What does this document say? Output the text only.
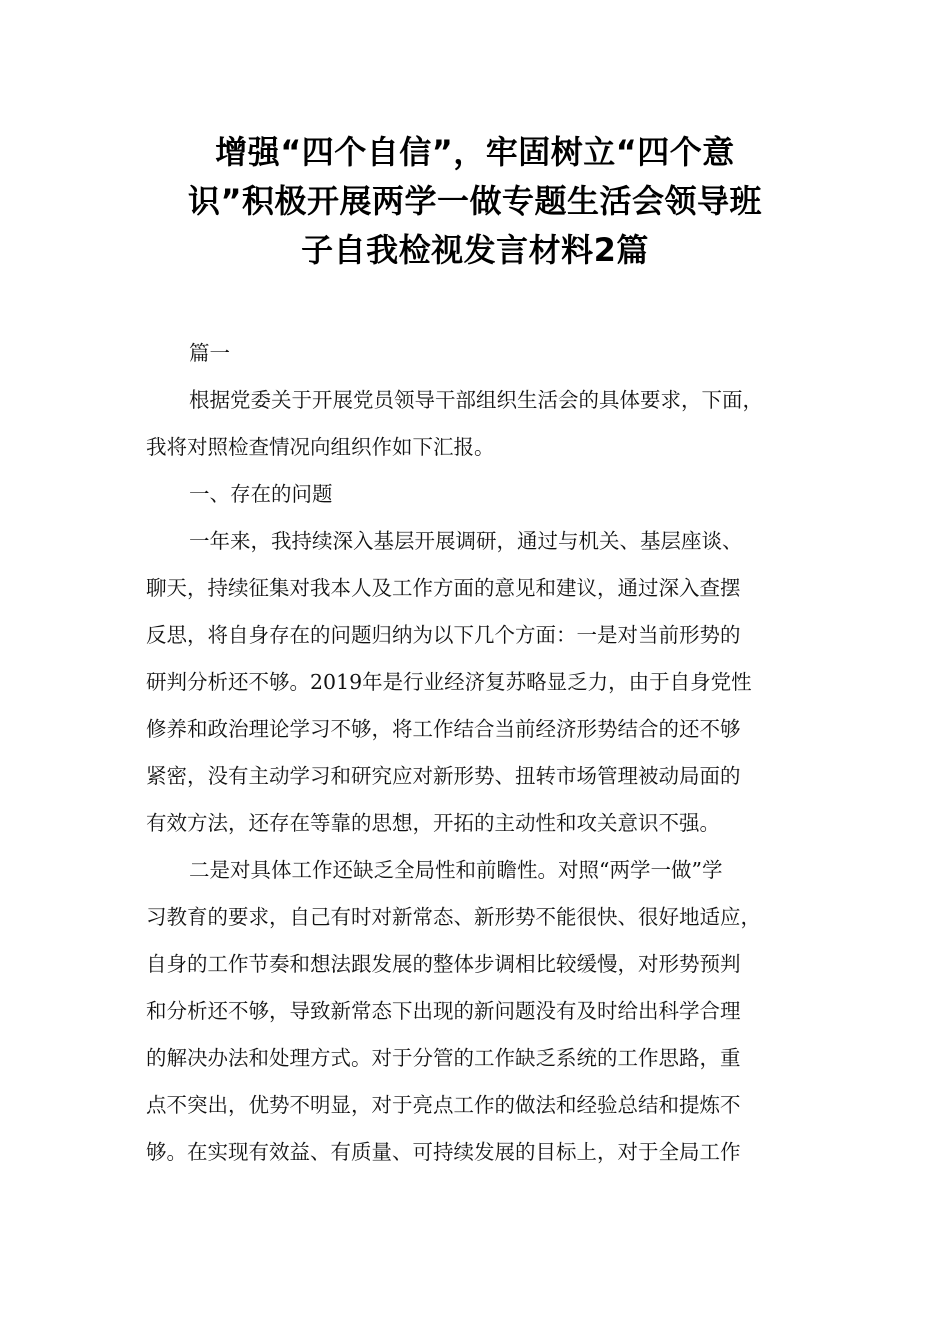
增强“四个自信”，牢固树立“四个意
识”积极开展两学一做专题生活会领导班
子自我检视发言材料2篇
篇一
根据党委关于开展党员领导干部组织生活会的具体要求，下面，
我将对照检查情况向组织作如下汇报。
一、存在的问题
一年来，我持续深入基层开展调研，通过与机关、基层座谈、
聊天，持续征集对我本人及工作方面的意见和建议，通过深入查摆
反思，将自身存在的问题归纳为以下几个方面：一是对当前形势的
研判分析还不够。2019年是行业经济复苏略显乏力，由于自身党性
修养和政治理论学习不够，将工作结合当前经济形势结合的还不够
紧密，没有主动学习和研究应对新形势、扭转市场管理被动局面的
有效方法，还存在等靠的思想，开拓的主动性和攻关意识不强。
二是对具体工作还缺乏全局性和前瞻性。对照“两学一做”学
习教育的要求，自己有时对新常态、新形势不能很快、很好地适应，
自身的工作节奏和想法跟发展的整体步调相比较缓慢，对形势预判
和分析还不够，导致新常态下出现的新问题没有及时给出科学合理
的解决办法和处理方式。对于分管的工作缺乏系统的工作思路，重
点不突出，优势不明显，对于亮点工作的做法和经验总结和提炼不
够。在实现有效益、有质量、可持续发展的目标上，对于全局工作
